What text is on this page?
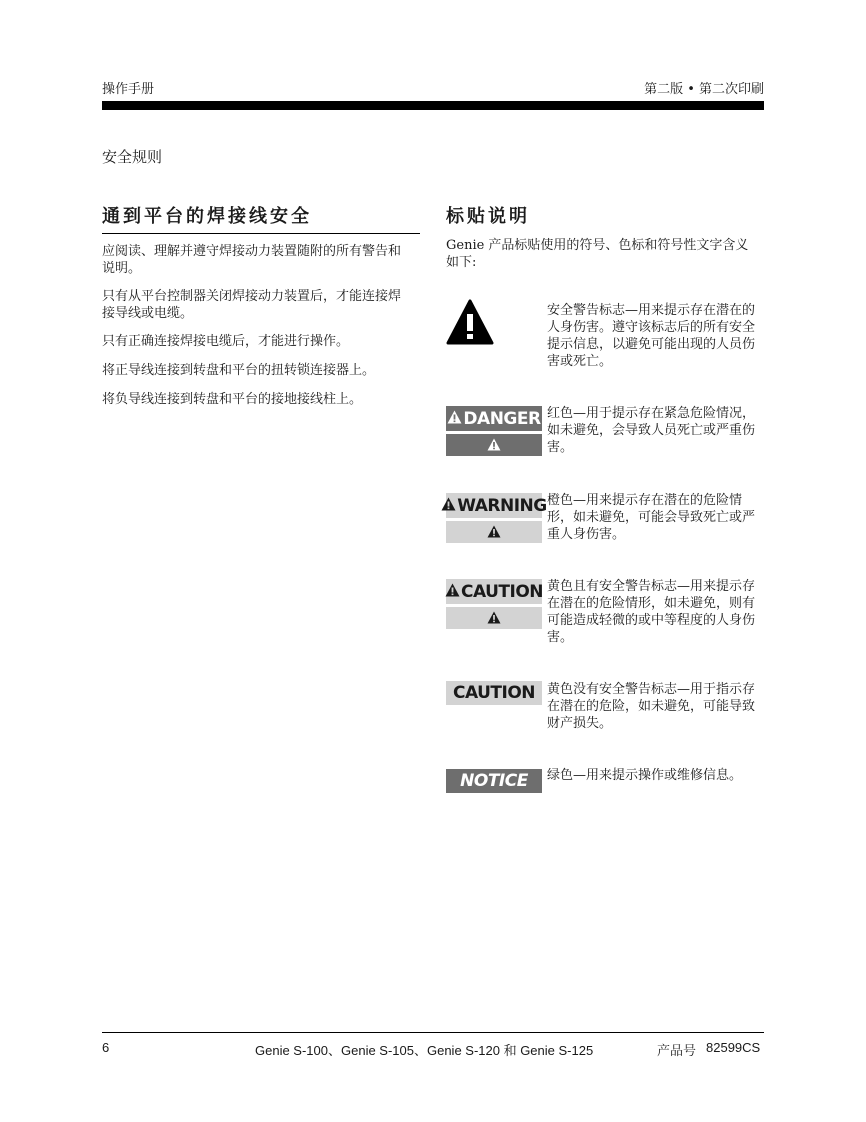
操作手册	第二版 • 第二次印刷
安全规则
通到平台的焊接线安全
应阅读、理解并遵守焊接动力装置随附的所有警告和说明。
只有从平台控制器关闭焊接动力装置后，才能连接焊接导线或电缆。
只有正确连接焊接电缆后，才能进行操作。
将正导线连接到转盘和平台的扭转锁连接器上。
将负导线连接到转盘和平台的接地接线柱上。
标贴说明
Genie 产品标贴使用的符号、色标和符号性文字含义如下:
安全警告标志—用来提示存在潜在的人身伤害。遵守该标志后的所有安全提示信息，以避免可能出现的人员伤害或死亡。
DANGER 红色—用于提示存在紧急危险情况，如未避免，会导致人员死亡或严重伤害。
WARNING 橙色—用来提示存在潜在的危险情形，如未避免，可能会导致死亡或严重人身伤害。
CAUTION 黄色且有安全警告标志—用来提示存在潜在的危险情形，如未避免，则有可能造成轻微的或中等程度的人身伤害。
CAUTION 黄色没有安全警告标志—用于指示存在潜在的危险，如未避免，可能导致财产损失。
NOTICE 绿色—用来提示操作或维修信息。
6	Genie S-100、Genie S-105、Genie S-120 和 Genie S-125	产品号 82599CS
